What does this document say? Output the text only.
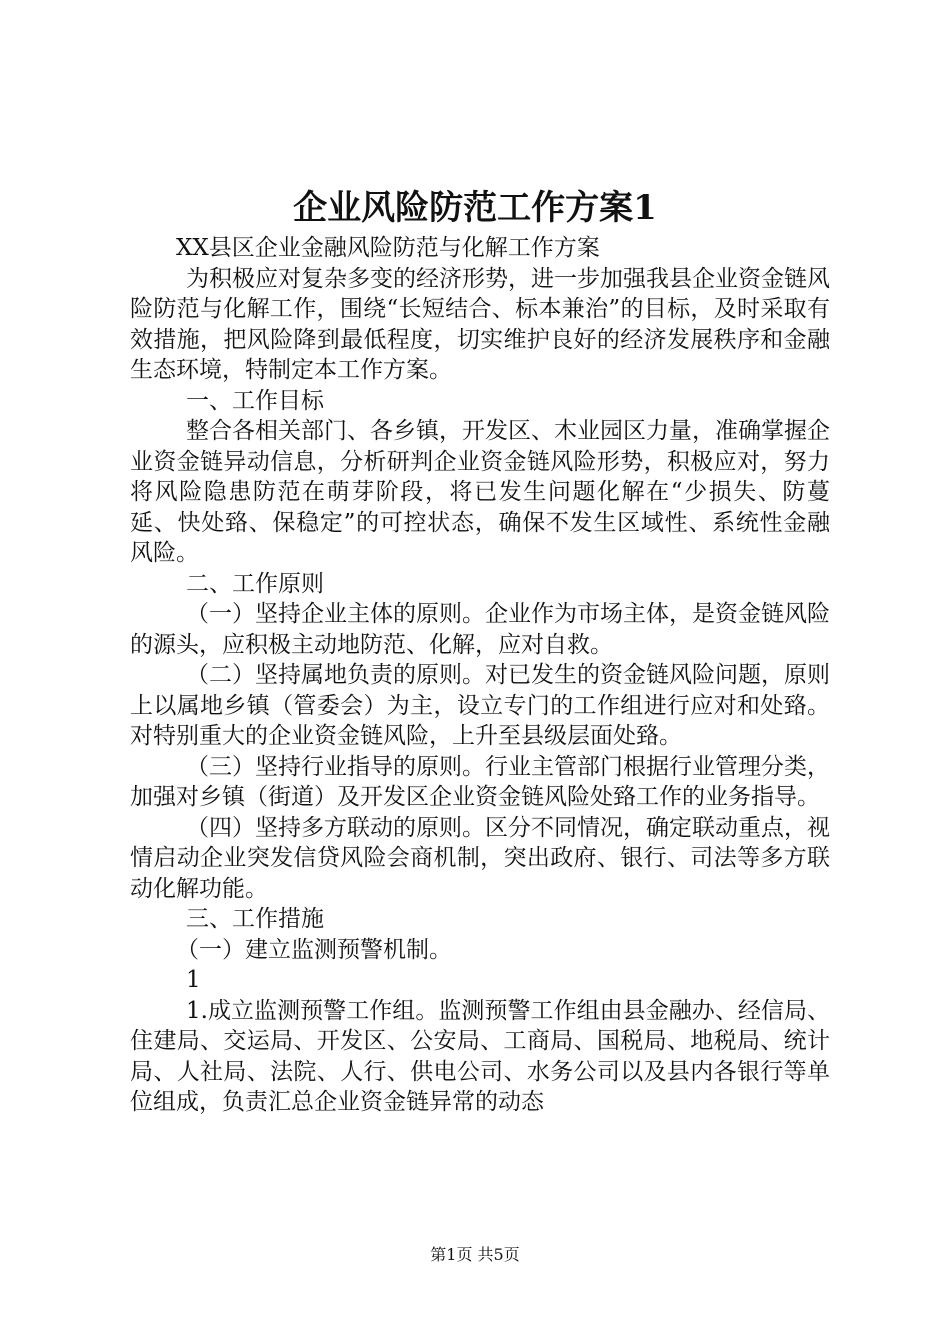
企业风险防范工作方案1

XX县区企业金融风险防范与化解工作方案

为积极应对复杂多变的经济形势，进一步加强我县企业资金链风险防范与化解工作，围绕“长短结合、标本兼治”的目标，及时采取有效措施，把风险降到最低程度，切实维护良好的经济发展秩序和金融生态环境，特制定本工作方案。

一、工作目标

整合各相关部门、各乡镇，开发区、木业园区力量，准确掌握企业资金链异动信息，分析研判企业资金链风险形势，积极应对，努力将风险隐患防范在萌芽阶段，将已发生问题化解在“少损失、防蔓延、快处臵、保稳定”的可控状态，确保不发生区域性、系统性金融风险。

二、工作原则

（一）坚持企业主体的原则。企业作为市场主体，是资金链风险的源头，应积极主动地防范、化解，应对自救。

（二）坚持属地负责的原则。对已发生的资金链风险问题，原则上以属地乡镇（管委会）为主，设立专门的工作组进行应对和处臵。对特别重大的企业资金链风险，上升至县级层面处臵。

（三）坚持行业指导的原则。行业主管部门根据行业管理分类，加强对乡镇（街道）及开发区企业资金链风险处臵工作的业务指导。

（四）坚持多方联动的原则。区分不同情况，确定联动重点，视情启动企业突发信贷风险会商机制，突出政府、银行、司法等多方联动化解功能。

三、工作措施

（一）建立监测预警机制。

1

1.成立监测预警工作组。监测预警工作组由县金融办、经信局、住建局、交运局、开发区、公安局、工商局、国税局、地税局、统计局、人社局、法院、人行、供电公司、水务公司以及县内各银行等单位组成，负责汇总企业资金链异常的动态

第1页 共5页
